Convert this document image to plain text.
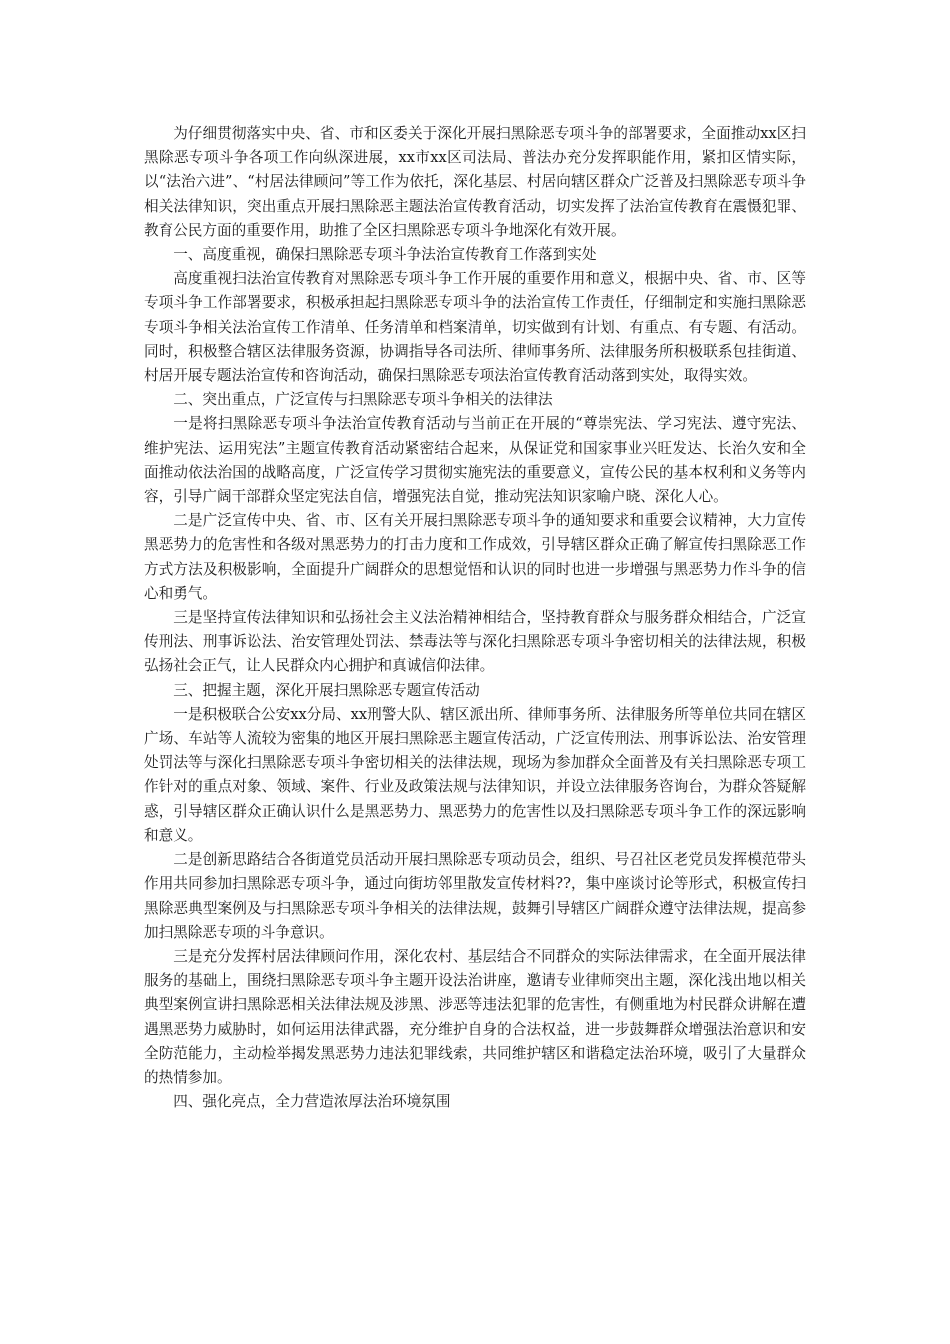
为仔细贯彻落实中央、省、市和区委关于深化开展扫黑除恶专项斗争的部署要求，全面推动xx区扫黑除恶专项斗争各项工作向纵深进展，xx市xx区司法局、普法办充分发挥职能作用，紧扣区情实际，以“法治六进”、“村居法律顾问”等工作为依托，深化基层、村居向辖区群众广泛普及扫黑除恶专项斗争相关法律知识，突出重点开展扫黑除恶主题法治宣传教育活动，切实发挥了法治宣传教育在震慑犯罪、教育公民方面的重要作用，助推了全区扫黑除恶专项斗争地深化有效开展。

一、高度重视，确保扫黑除恶专项斗争法治宣传教育工作落到实处

高度重视扫法治宣传教育对黑除恶专项斗争工作开展的重要作用和意义，根据中央、省、市、区等专项斗争工作部署要求，积极承担起扫黑除恶专项斗争的法治宣传工作责任，仔细制定和实施扫黑除恶专项斗争相关法治宣传工作清单、任务清单和档案清单，切实做到有计划、有重点、有专题、有活动。同时，积极整合辖区法律服务资源，协调指导各司法所、律师事务所、法律服务所积极联系包挂街道、村居开展专题法治宣传和咨询活动，确保扫黑除恶专项法治宣传教育活动落到实处，取得实效。

二、突出重点，广泛宣传与扫黑除恶专项斗争相关的法律法

一是将扫黑除恶专项斗争法治宣传教育活动与当前正在开展的“尊崇宪法、学习宪法、遵守宪法、维护宪法、运用宪法”主题宣传教育活动紧密结合起来，从保证党和国家事业兴旺发达、长治久安和全面推动依法治国的战略高度，广泛宣传学习贯彻实施宪法的重要意义，宣传公民的基本权利和义务等内容，引导广阔干部群众坚定宪法自信，增强宪法自觉，推动宪法知识家喻户晓、深化人心。

二是广泛宣传中央、省、市、区有关开展扫黑除恶专项斗争的通知要求和重要会议精神，大力宣传黑恶势力的危害性和各级对黑恶势力的打击力度和工作成效，引导辖区群众正确了解宣传扫黑除恶工作方式方法及积极影响，全面提升广阔群众的思想觉悟和认识的同时也进一步增强与黑恶势力作斗争的信心和勇气。

三是坚持宣传法律知识和弘扬社会主义法治精神相结合，坚持教育群众与服务群众相结合，广泛宣传刑法、刑事诉讼法、治安管理处罚法、禁毒法等与深化扫黑除恶专项斗争密切相关的法律法规，积极弘扬社会正气，让人民群众内心拥护和真诚信仰法律。

三、把握主题，深化开展扫黑除恶专题宣传活动

一是积极联合公安xx分局、xx刑警大队、辖区派出所、律师事务所、法律服务所等单位共同在辖区广场、车站等人流较为密集的地区开展扫黑除恶主题宣传活动，广泛宣传刑法、刑事诉讼法、治安管理处罚法等与深化扫黑除恶专项斗争密切相关的法律法规，现场为参加群众全面普及有关扫黑除恶专项工作针对的重点对象、领域、案件、行业及政策法规与法律知识，并设立法律服务咨询台，为群众答疑解惑，引导辖区群众正确认识什么是黑恶势力、黑恶势力的危害性以及扫黑除恶专项斗争工作的深远影响和意义。

二是创新思路结合各街道党员活动开展扫黑除恶专项动员会，组织、号召社区老党员发挥模范带头作用共同参加扫黑除恶专项斗争，通过向街坊邻里散发宣传材料??，集中座谈讨论等形式，积极宣传扫黑除恶典型案例及与扫黑除恶专项斗争相关的法律法规，鼓舞引导辖区广阔群众遵守法律法规，提高参加扫黑除恶专项的斗争意识。

三是充分发挥村居法律顾问作用，深化农村、基层结合不同群众的实际法律需求，在全面开展法律服务的基础上，围绕扫黑除恶专项斗争主题开设法治讲座，邀请专业律师突出主题，深化浅出地以相关典型案例宣讲扫黑除恶相关法律法规及涉黑、涉恶等违法犯罪的危害性，有侧重地为村民群众讲解在遭遇黑恶势力威胁时，如何运用法律武器，充分维护自身的合法权益，进一步鼓舞群众增强法治意识和安全防范能力，主动检举揭发黑恶势力违法犯罪线索，共同维护辖区和谐稳定法治环境，吸引了大量群众的热情参加。

四、强化亮点，全力营造浓厚法治环境氛围
